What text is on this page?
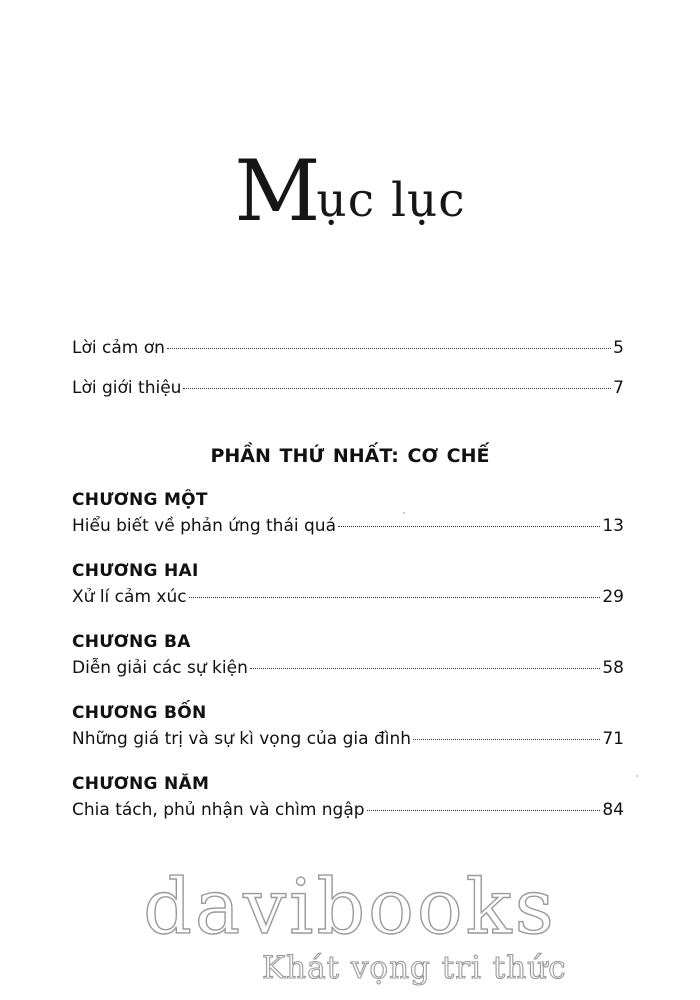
Mục lục
Lời cảm ơn	5
Lời giới thiệu	7
PHẦN THỨ NHẤT: CƠ CHẾ
CHƯƠNG MỘT
Hiểu biết về phản ứng thái quá	13
CHƯƠNG HAI
Xử lí cảm xúc	29
CHƯƠNG BA
Diễn giải các sự kiện	58
CHƯƠNG BỐN
Những giá trị và sự kì vọng của gia đình	71
CHƯƠNG NĂM
Chia tách, phủ nhận và chìm ngập	84
davibooks
Khát vọng tri thức
